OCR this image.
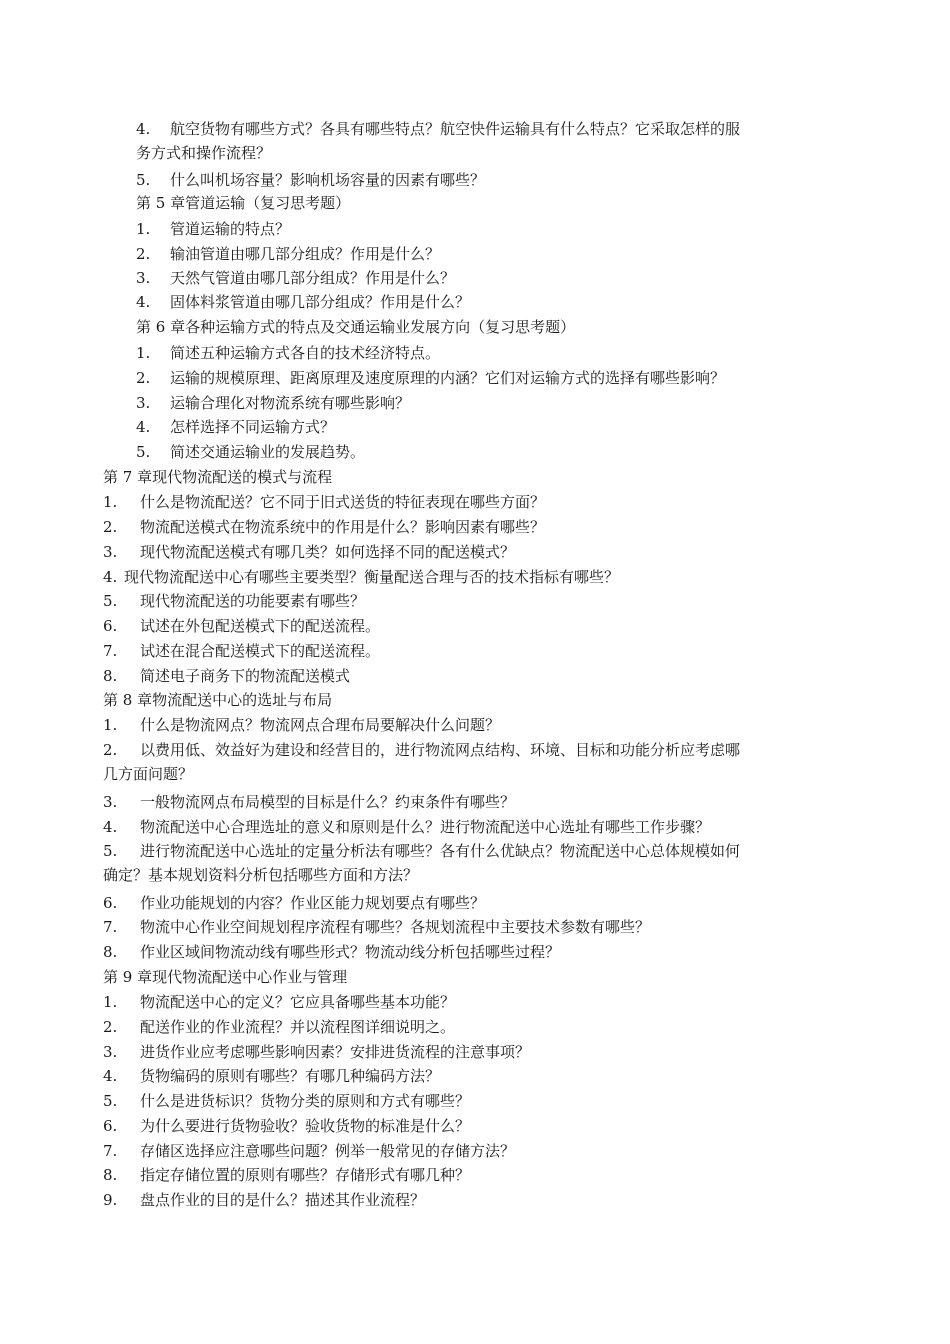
4. 航空货物有哪些方式？各具有哪些特点？航空快件运输具有什么特点？它采取怎样的服
务方式和操作流程？
5. 什么叫机场容量？影响机场容量的因素有哪些？
第 5 章管道运输（复习思考题）
1. 管道运输的特点？
2. 输油管道由哪几部分组成？作用是什么？
3. 天然气管道由哪几部分组成？作用是什么？
4. 固体料浆管道由哪几部分组成？作用是什么？
第 6 章各种运输方式的特点及交通运输业发展方向（复习思考题）
1. 简述五种运输方式各自的技术经济特点。
2. 运输的规模原理、距离原理及速度原理的内涵？它们对运输方式的选择有哪些影响？
3. 运输合理化对物流系统有哪些影响？
4. 怎样选择不同运输方式？
5. 简述交通运输业的发展趋势。
第 7 章现代物流配送的模式与流程
1. 什么是物流配送？它不同于旧式送货的特征表现在哪些方面？
2. 物流配送模式在物流系统中的作用是什么？影响因素有哪些？
3. 现代物流配送模式有哪几类？如何选择不同的配送模式？
4. 现代物流配送中心有哪些主要类型？衡量配送合理与否的技术指标有哪些？
5. 现代物流配送的功能要素有哪些？
6. 试述在外包配送模式下的配送流程。
7. 试述在混合配送模式下的配送流程。
8. 简述电子商务下的物流配送模式
第 8 章物流配送中心的选址与布局
1. 什么是物流网点？物流网点合理布局要解决什么问题？
2. 以费用低、效益好为建设和经营目的，进行物流网点结构、环境、目标和功能分析应考虑哪
几方面问题？
3. 一般物流网点布局模型的目标是什么？约束条件有哪些？
4. 物流配送中心合理选址的意义和原则是什么？进行物流配送中心选址有哪些工作步骤？
5. 进行物流配送中心选址的定量分析法有哪些？各有什么优缺点？物流配送中心总体规模如何
确定？基本规划资料分析包括哪些方面和方法？
6. 作业功能规划的内容？作业区能力规划要点有哪些？
7. 物流中心作业空间规划程序流程有哪些？各规划流程中主要技术参数有哪些？
8. 作业区域间物流动线有哪些形式？物流动线分析包括哪些过程？
第 9 章现代物流配送中心作业与管理
1. 物流配送中心的定义？它应具备哪些基本功能？
2. 配送作业的作业流程？并以流程图详细说明之。
3. 进货作业应考虑哪些影响因素？安排进货流程的注意事项？
4. 货物编码的原则有哪些？有哪几种编码方法？
5. 什么是进货标识？货物分类的原则和方式有哪些？
6. 为什么要进行货物验收？验收货物的标准是什么？
7. 存储区选择应注意哪些问题？例举一般常见的存储方法？
8. 指定存储位置的原则有哪些？存储形式有哪几种？
9. 盘点作业的目的是什么？描述其作业流程？
